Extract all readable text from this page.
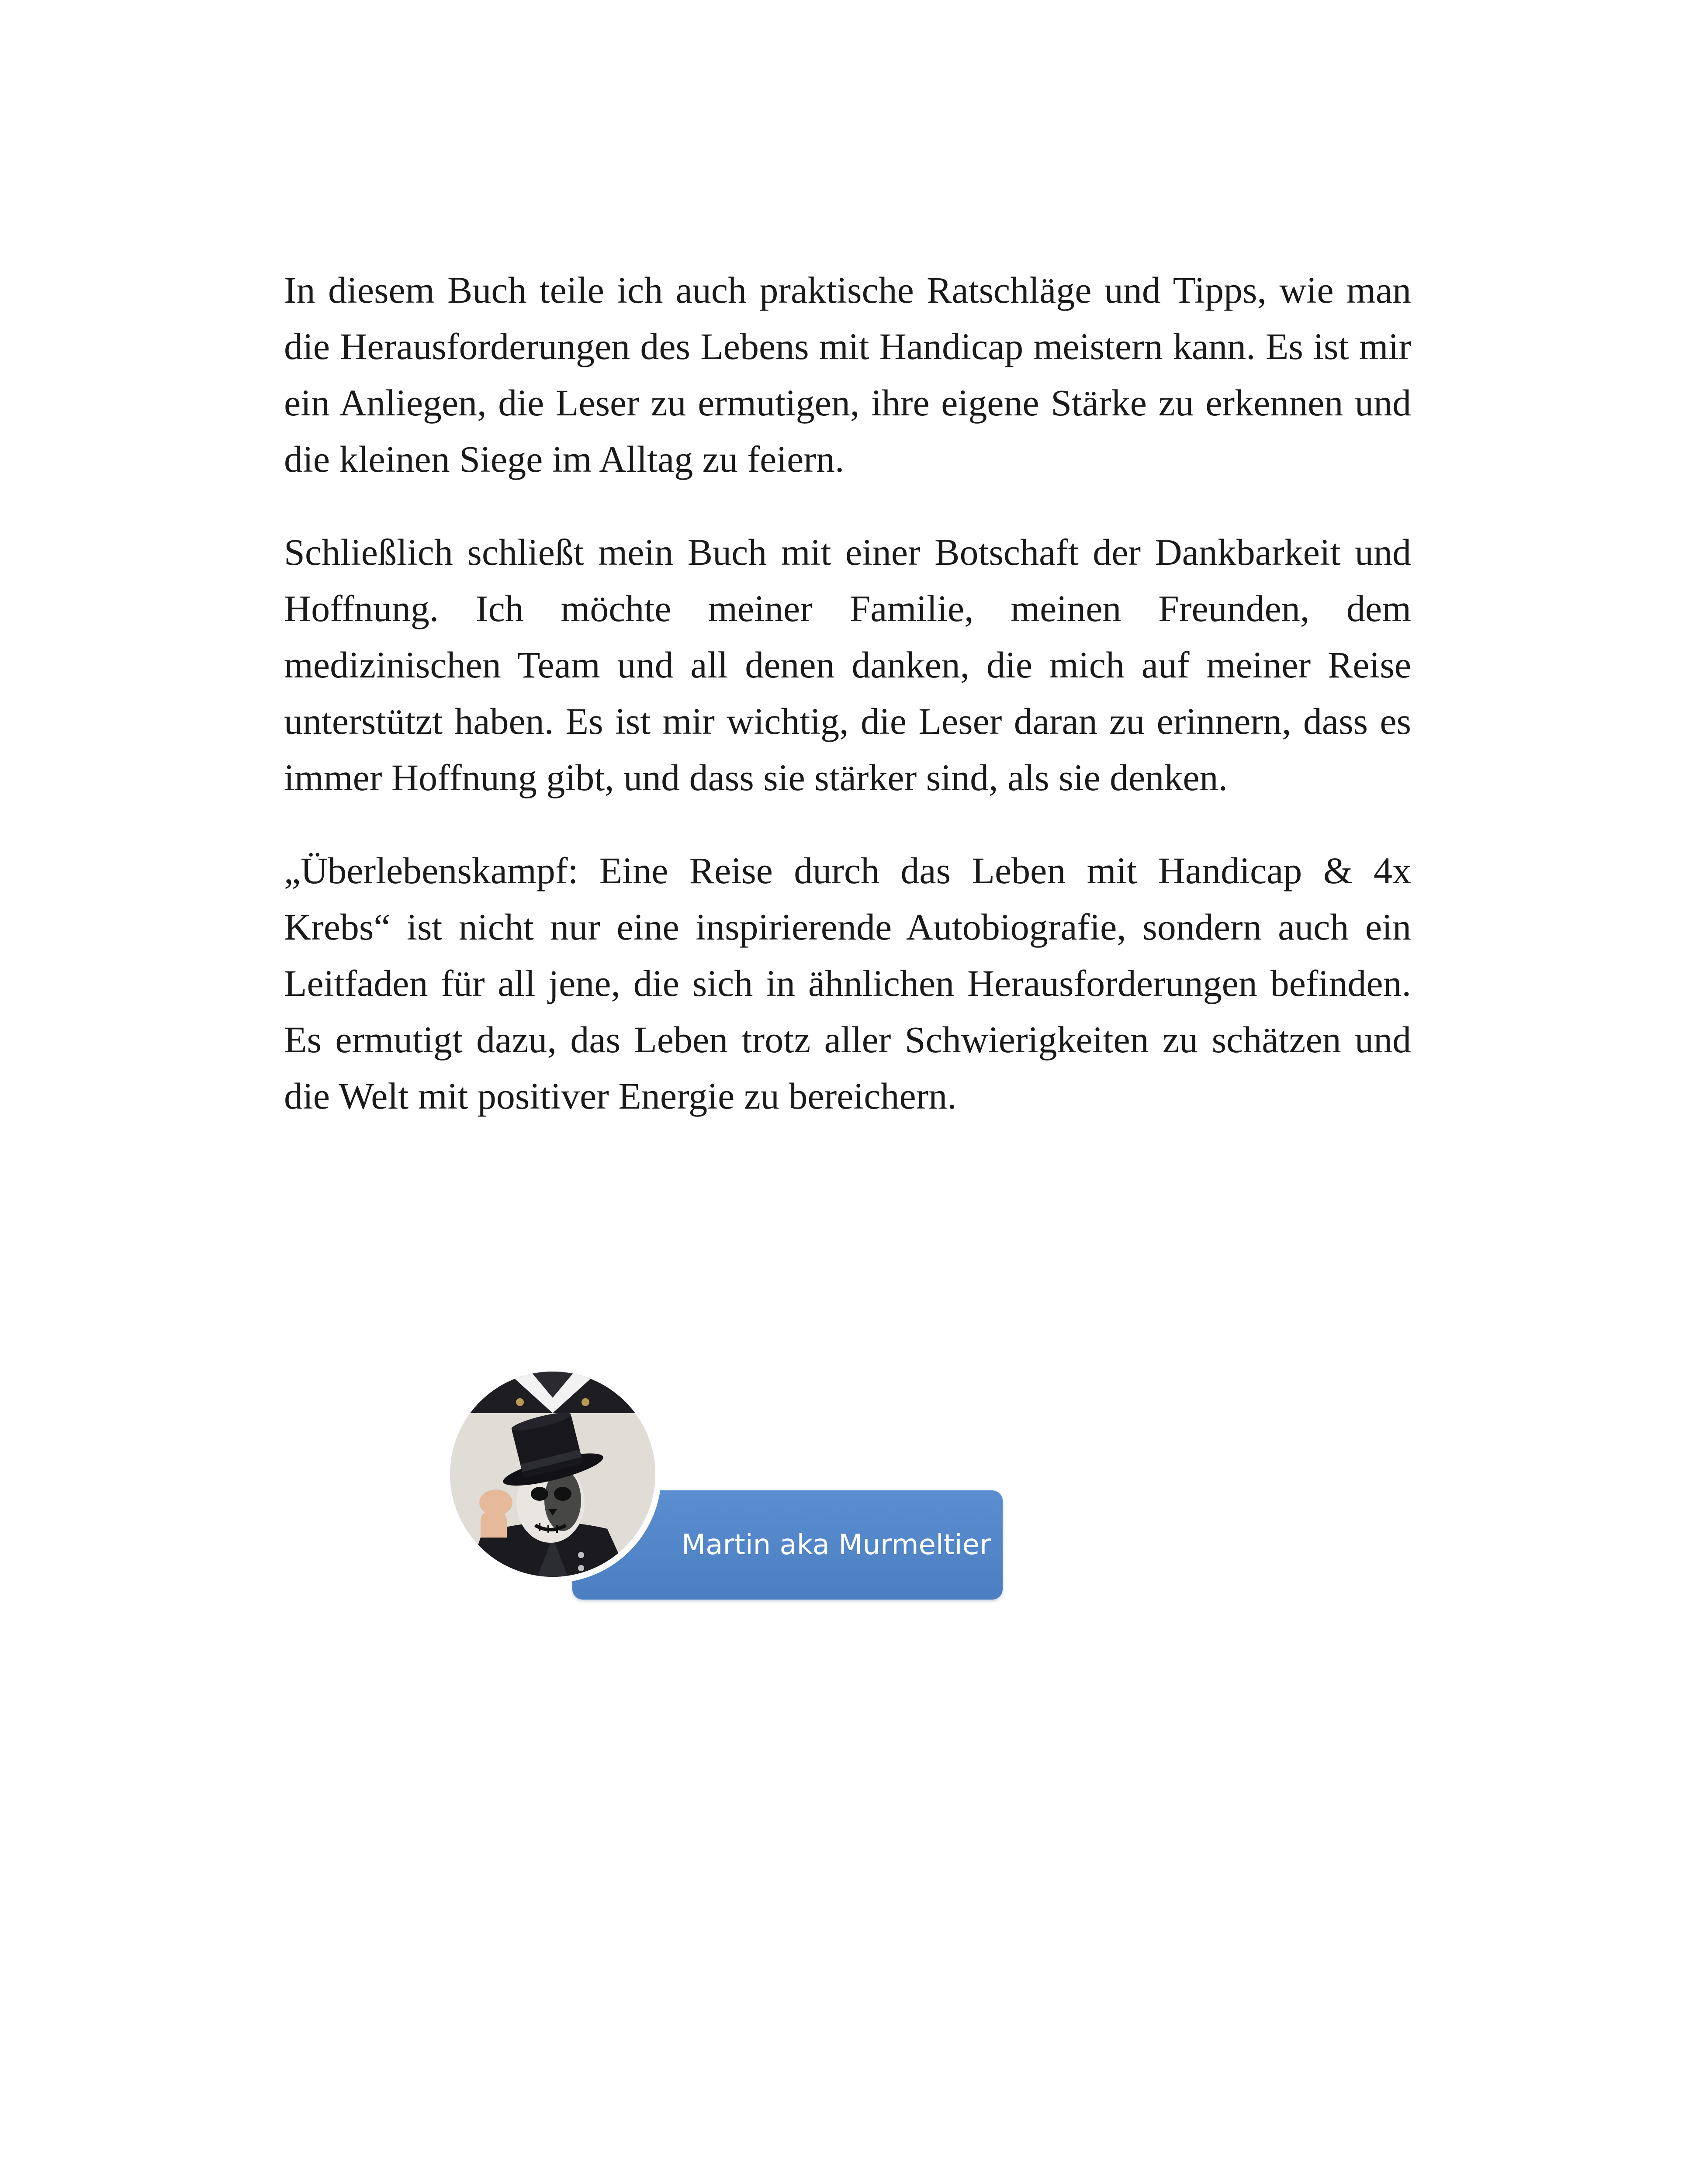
In diesem Buch teile ich auch praktische Ratschläge und Tipps, wie man die Herausforderungen des Lebens mit Handicap meistern kann. Es ist mir ein Anliegen, die Leser zu ermutigen, ihre eigene Stärke zu erkennen und die kleinen Siege im Alltag zu feiern.

Schließlich schließt mein Buch mit einer Botschaft der Dankbarkeit und Hoffnung. Ich möchte meiner Familie, meinen Freunden, dem medizinischen Team und all denen danken, die mich auf meiner Reise unterstützt haben. Es ist mir wichtig, die Leser daran zu erinnern, dass es immer Hoffnung gibt, und dass sie stärker sind, als sie denken.

„Überlebenskampf: Eine Reise durch das Leben mit Handicap & 4x Krebs“ ist nicht nur eine inspirierende Autobiografie, sondern auch ein Leitfaden für all jene, die sich in ähnlichen Herausforderungen befinden. Es ermutigt dazu, das Leben trotz aller Schwierigkeiten zu schätzen und die Welt mit positiver Energie zu bereichern.

Martin aka Murmeltier
